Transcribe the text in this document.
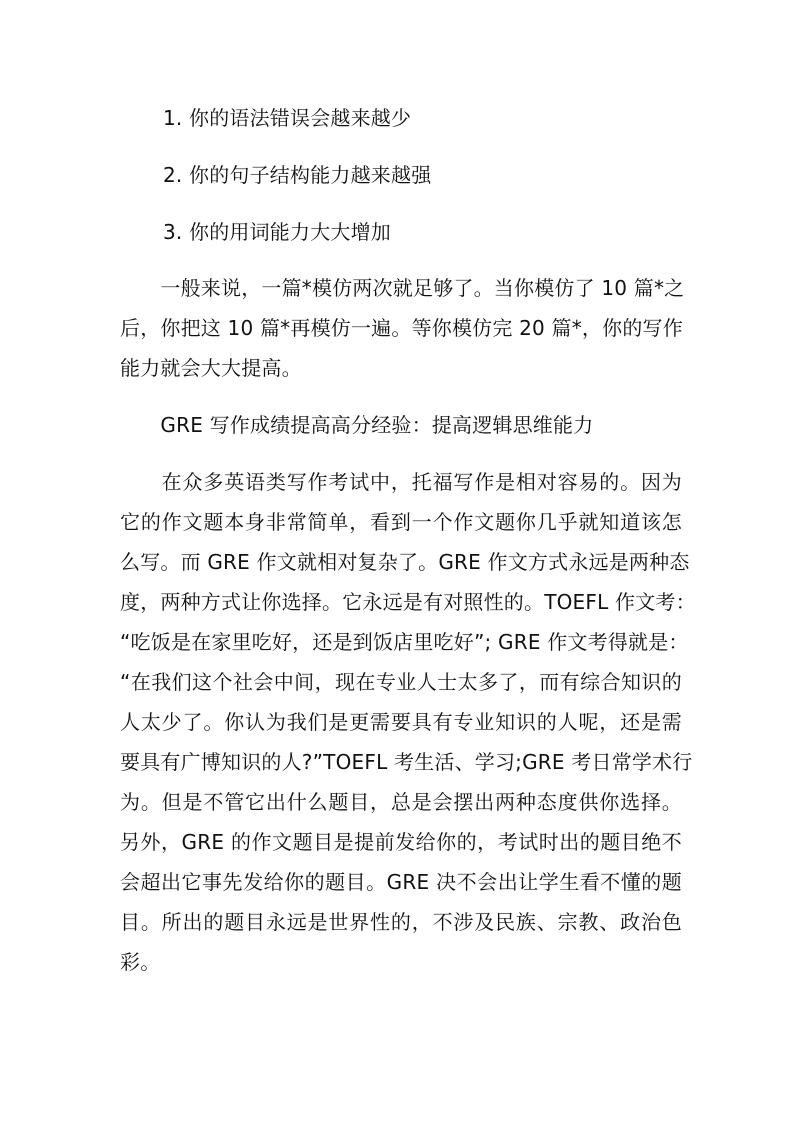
1. 你的语法错误会越来越少
2. 你的句子结构能力越来越强
3. 你的用词能力大大增加
　　一般来说，一篇*模仿两次就足够了。当你模仿了 10 篇*之
后，你把这 10 篇*再模仿一遍。等你模仿完 20 篇*，你的写作
能力就会大大提高。
　　GRE 写作成绩提高高分经验：提高逻辑思维能力
　　在众多英语类写作考试中，托福写作是相对容易的。因为
它的作文题本身非常简单，看到一个作文题你几乎就知道该怎
么写。而 GRE 作文就相对复杂了。GRE 作文方式永远是两种态
度，两种方式让你选择。它永远是有对照性的。TOEFL 作文考：
“吃饭是在家里吃好，还是到饭店里吃好”; GRE 作文考得就是：
“在我们这个社会中间，现在专业人士太多了，而有综合知识的
人太少了。你认为我们是更需要具有专业知识的人呢，还是需
要具有广博知识的人?”TOEFL 考生活、学习;GRE 考日常学术行
为。但是不管它出什么题目，总是会摆出两种态度供你选择。
另外，GRE 的作文题目是提前发给你的，考试时出的题目绝不
会超出它事先发给你的题目。GRE 决不会出让学生看不懂的题
目。所出的题目永远是世界性的，不涉及民族、宗教、政治色
彩。
